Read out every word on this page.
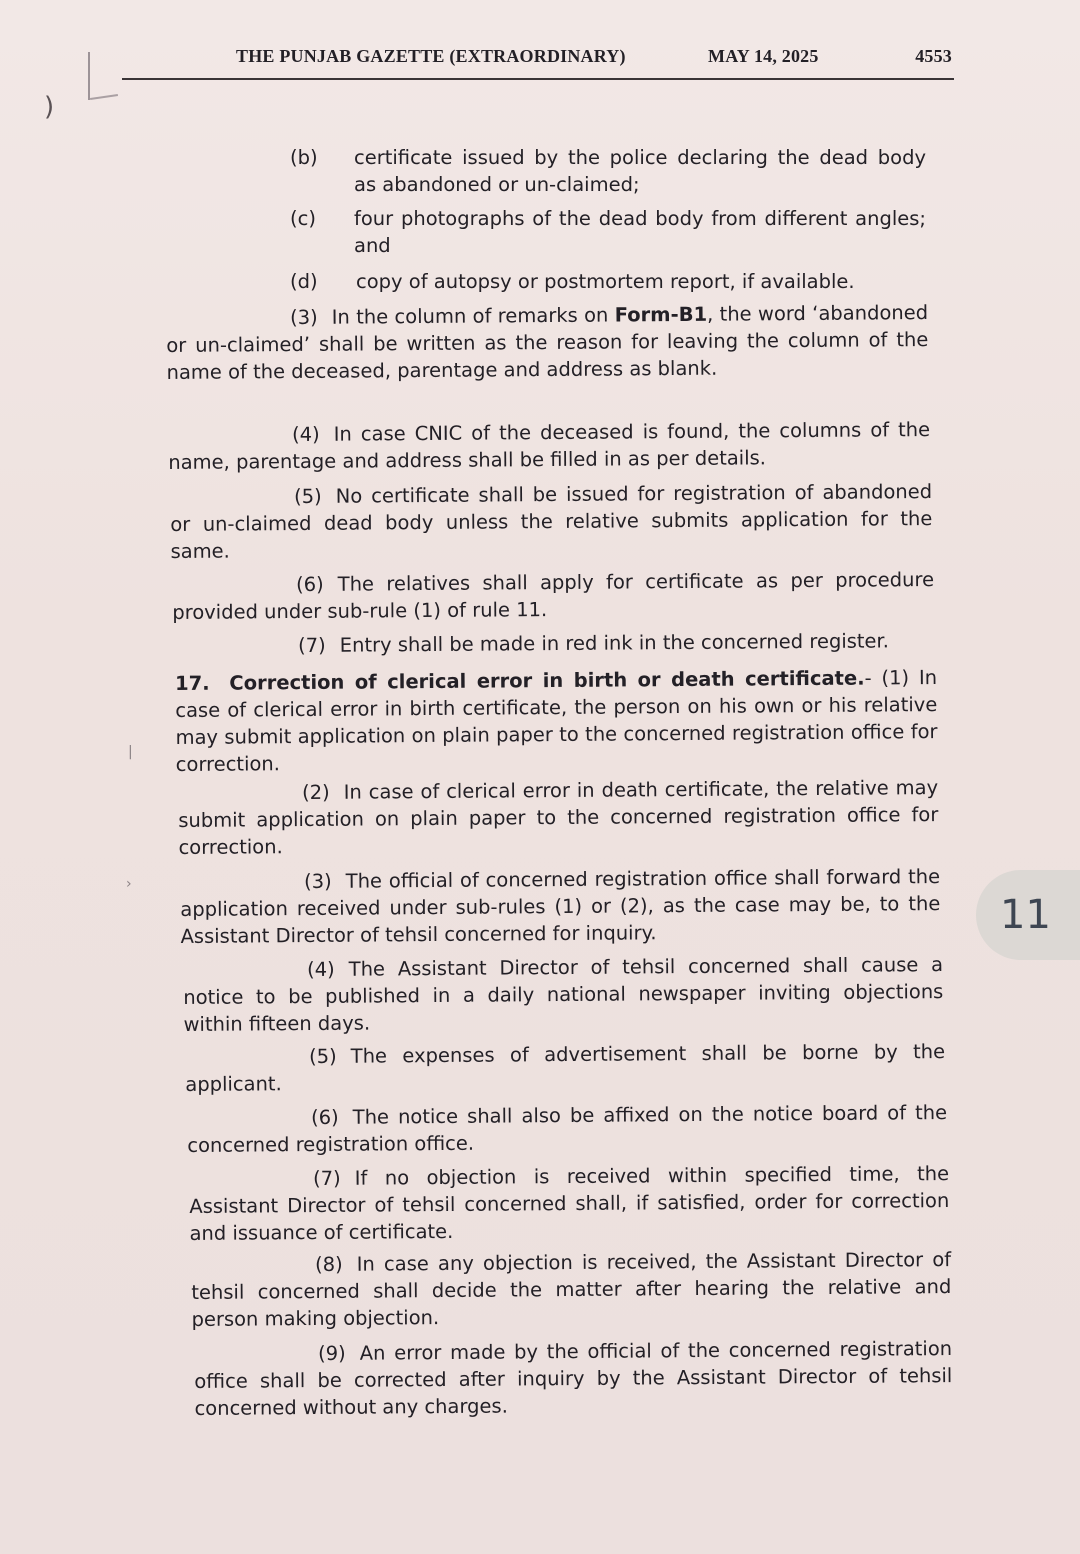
)
THE PUNJAB GAZETTE (EXTRAORDINARY)	MAY 14, 2025	4553
(b) certificate issued by the police declaring the dead body as abandoned or un-claimed;
(c) four photographs of the dead body from different angles; and
(d) copy of autopsy or postmortem report, if available.

(3) In the column of remarks on Form-B1, the word ‘abandoned or un-claimed’ shall be written as the reason for leaving the column of the name of the deceased, parentage and address as blank.

(4) In case CNIC of the deceased is found, the columns of the name, parentage and address shall be filled in as per details.

(5) No certificate shall be issued for registration of abandoned or un-claimed dead body unless the relative submits application for the same.

(6) The relatives shall apply for certificate as per procedure provided under sub-rule (1) of rule 11.

(7) Entry shall be made in red ink in the concerned register.

17. Correction of clerical error in birth or death certificate.- (1) In case of clerical error in birth certificate, the person on his own or his relative may submit application on plain paper to the concerned registration office for correction.

(2) In case of clerical error in death certificate, the relative may submit application on plain paper to the concerned registration office for correction.

(3) The official of concerned registration office shall forward the application received under sub-rules (1) or (2), as the case may be, to the Assistant Director of tehsil concerned for inquiry.

(4) The Assistant Director of tehsil concerned shall cause a notice to be published in a daily national newspaper inviting objections within fifteen days.

(5) The expenses of advertisement shall be borne by the applicant.

(6) The notice shall also be affixed on the notice board of the concerned registration office.

(7) If no objection is received within specified time, the Assistant Director of tehsil concerned shall, if satisfied, order for correction and issuance of certificate.

(8) In case any objection is received, the Assistant Director of tehsil concerned shall decide the matter after hearing the relative and person making objection.

(9) An error made by the official of the concerned registration office shall be corrected after inquiry by the Assistant Director of tehsil concerned without any charges.

›
|
11
